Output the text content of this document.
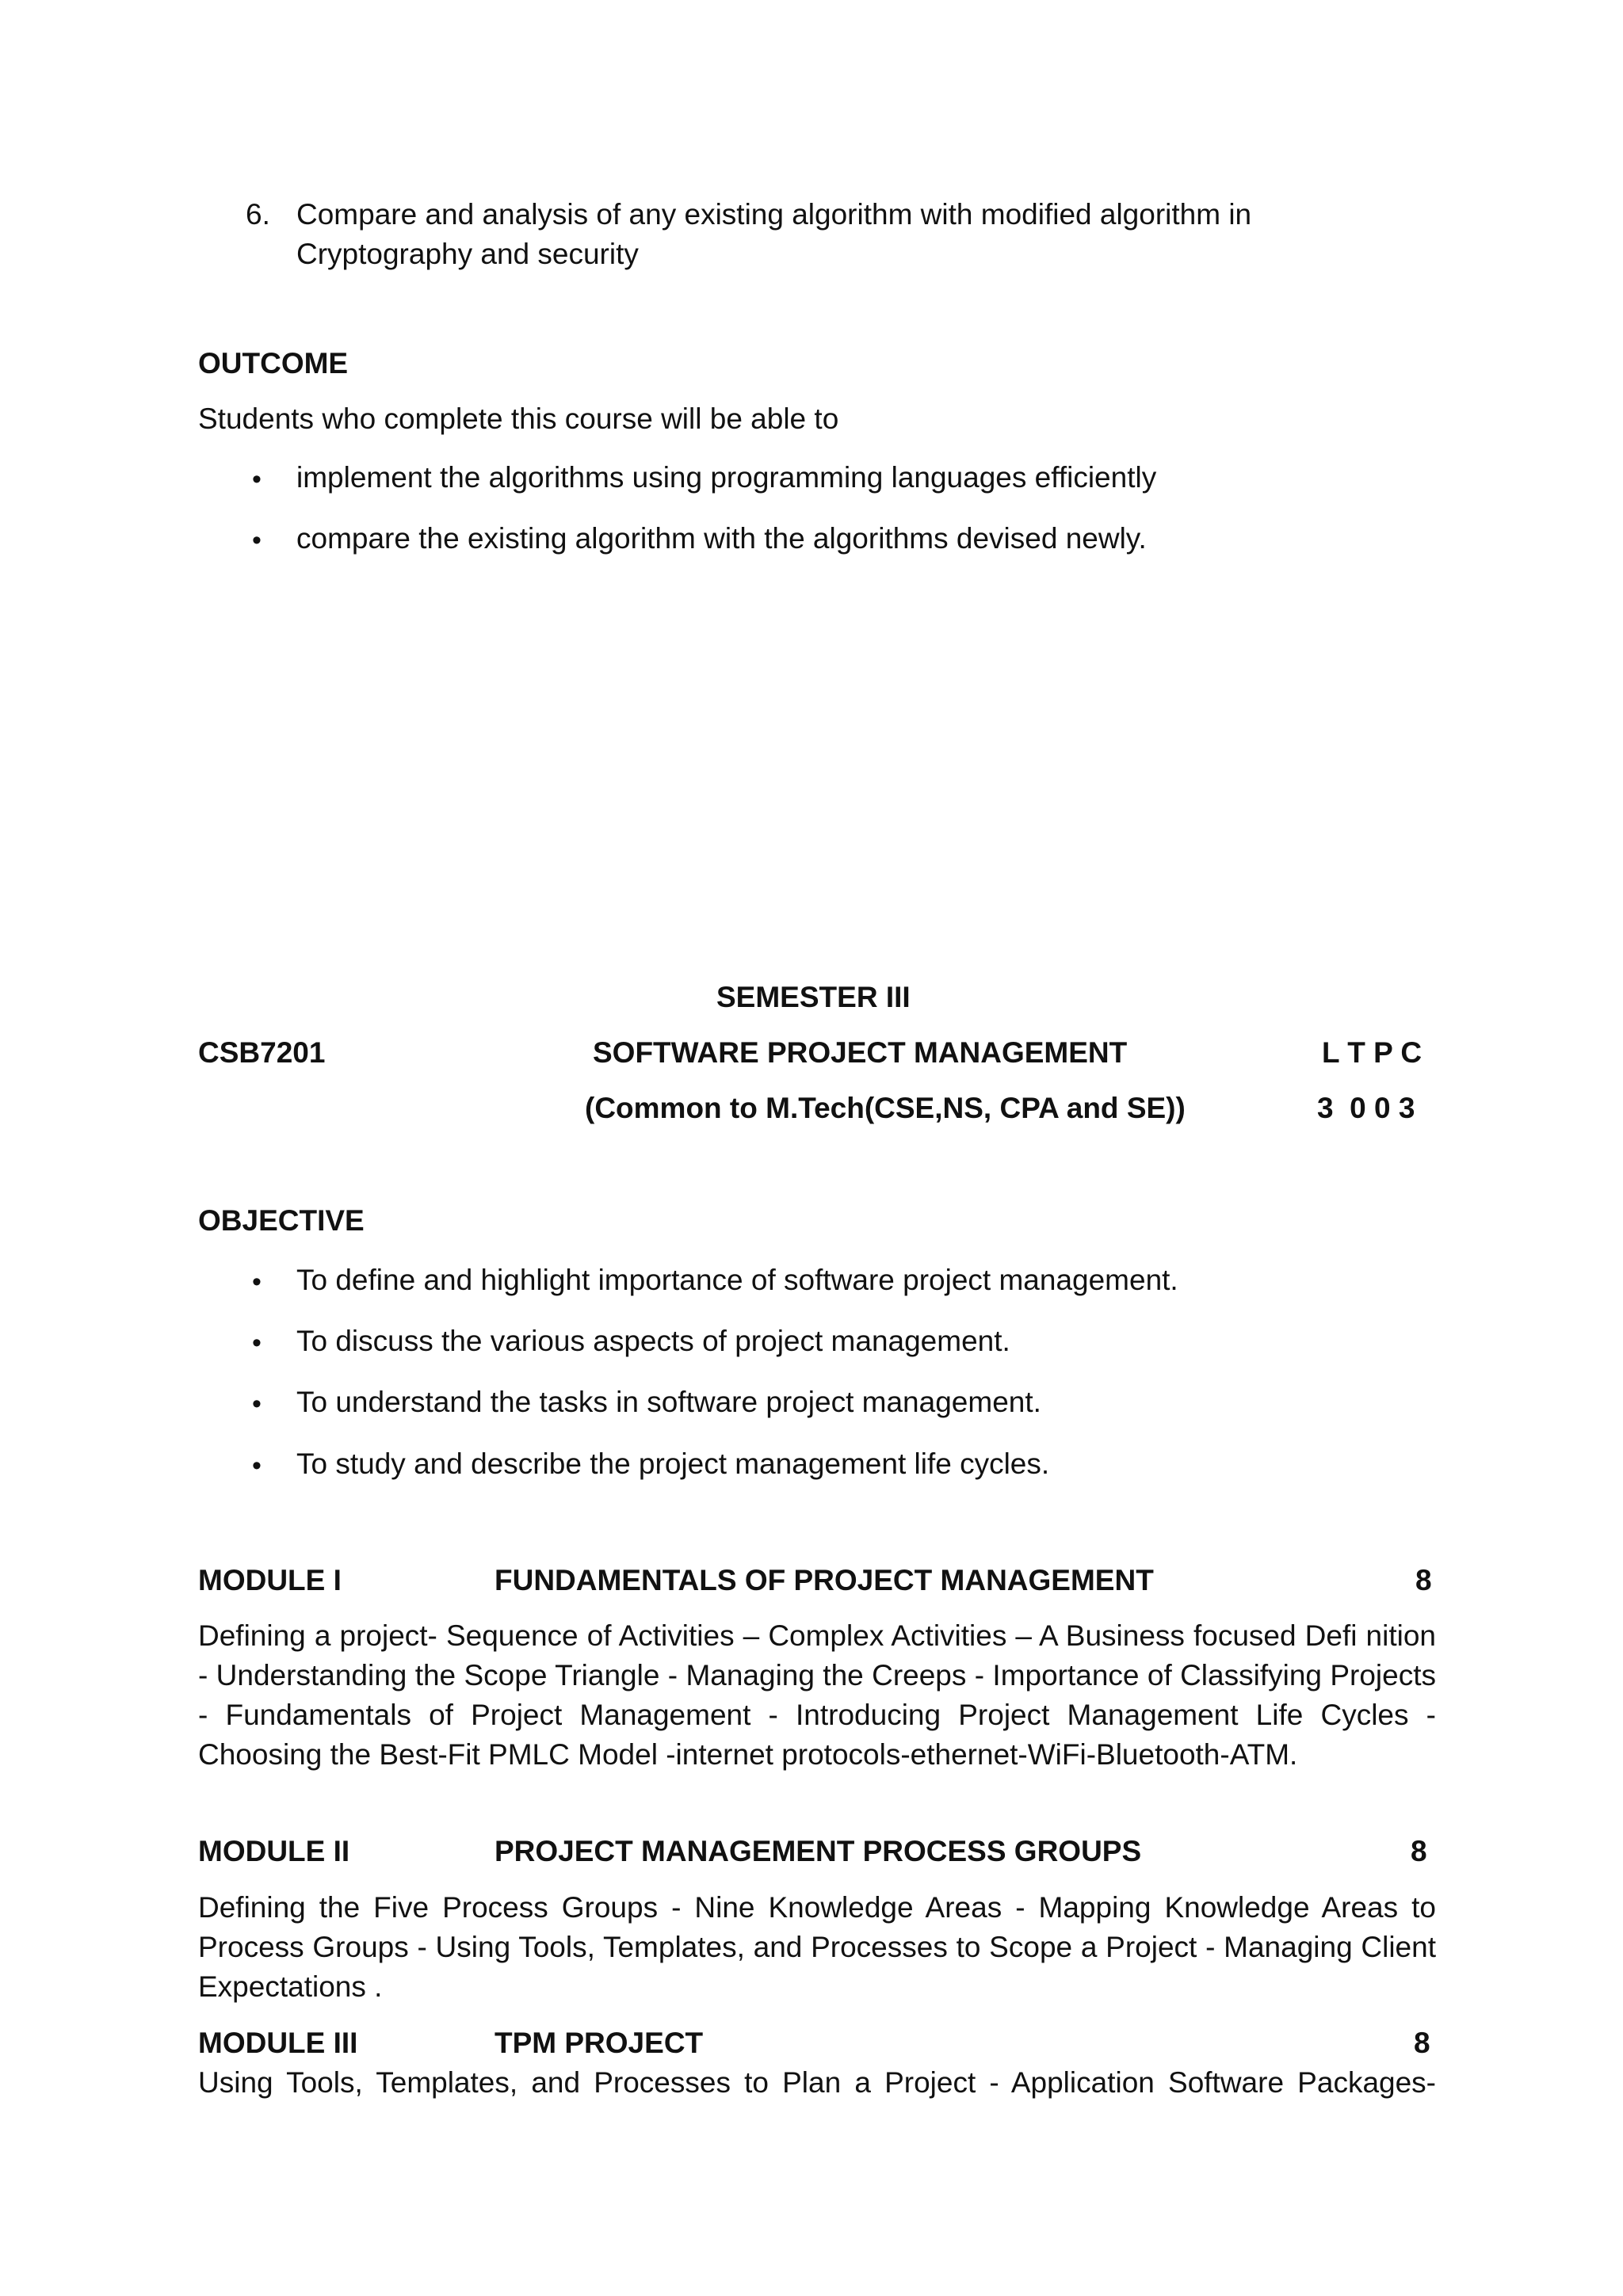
6. Compare and analysis of any existing algorithm with modified algorithm in
Cryptography and security
OUTCOME
Students who complete this course will be able to
• implement the algorithms using programming languages efficiently
• compare the existing algorithm with the algorithms devised newly.
SEMESTER III
CSB7201	SOFTWARE PROJECT MANAGEMENT	L T P C
(Common to M.Tech(CSE,NS, CPA and SE))	3  0 0 3
OBJECTIVE
• To define and highlight importance of software project management.
• To discuss the various aspects of project management.
• To understand the tasks in software project management.
• To study and describe the project management life cycles.
MODULE I	FUNDAMENTALS OF PROJECT MANAGEMENT	8
Defining a project- Sequence of Activities – Complex Activities – A Business focused Defi nition - Understanding the Scope Triangle - Managing the Creeps - Importance of Classifying Projects - Fundamentals of Project Management - Introducing Project Management Life Cycles - Choosing the Best-Fit PMLC Model -internet protocols-ethernet-WiFi-Bluetooth-ATM.
MODULE II	PROJECT MANAGEMENT PROCESS GROUPS	8
Defining the Five Process Groups - Nine Knowledge Areas - Mapping Knowledge Areas to Process Groups - Using Tools, Templates, and Processes to Scope a Project - Managing Client Expectations .
MODULE III	TPM PROJECT	8
Using Tools, Templates, and Processes to Plan a Project - Application Software Packages-
